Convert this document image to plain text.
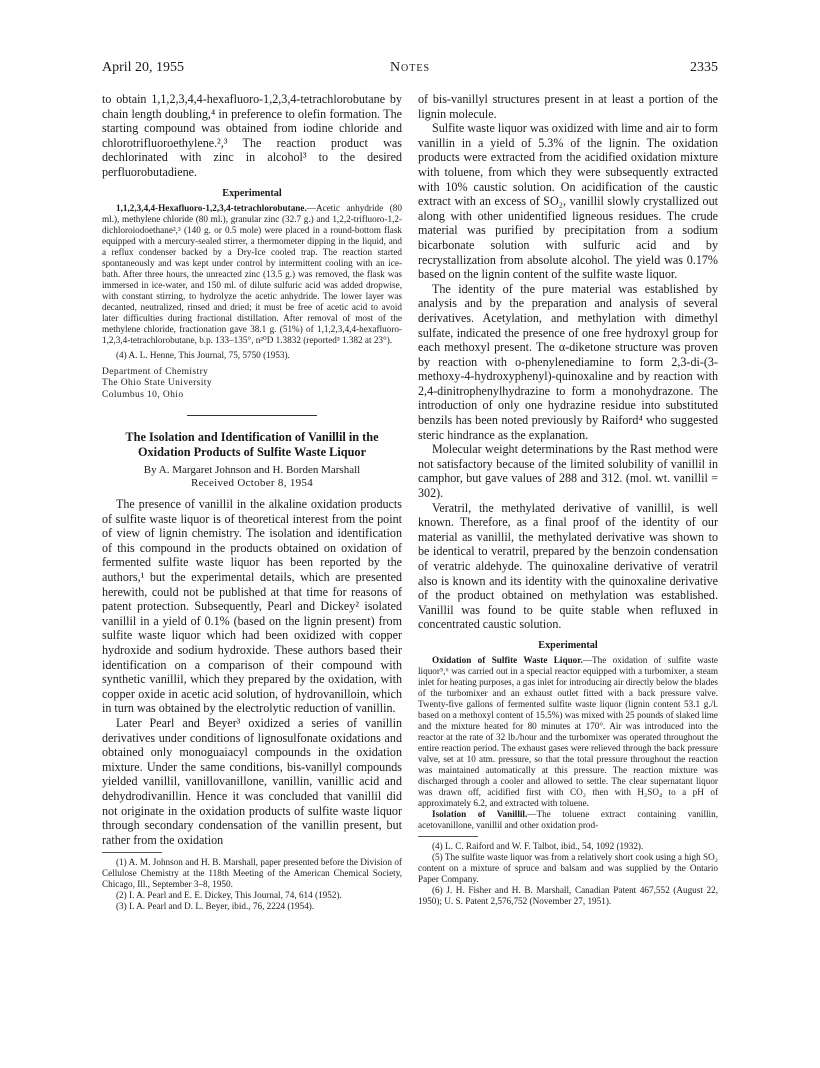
April 20, 1955	Notes	2335

to obtain 1,1,2,3,4,4-hexafluoro-1,2,3,4-tetrachlorobutane by chain length doubling,⁴ in preference to olefin formation. The starting compound was obtained from iodine chloride and chlorotrifluoroethylene.²,³ The reaction product was dechlorinated with zinc in alcohol³ to the desired perfluorobutadiene.

Experimental

1,1,2,3,4,4-Hexafluoro-1,2,3,4-tetrachlorobutane.—Acetic anhydride (80 ml.), methylene chloride (80 ml.), granular zinc (32.7 g.) and 1,2,2-trifluoro-1,2-dichloroiodoethane²,³ (140 g. or 0.5 mole) were placed in a round-bottom flask equipped with a mercury-sealed stirrer, a thermometer dipping in the liquid, and a reflux condenser backed by a Dry-Ice cooled trap. The reaction started spontaneously and was kept under control by intermittent cooling with an ice-bath. After three hours, the unreacted zinc (13.5 g.) was removed, the flask was immersed in ice-water, and 150 ml. of dilute sulfuric acid was added dropwise, with constant stirring, to hydrolyze the acetic anhydride. The lower layer was decanted, neutralized, rinsed and dried; it must be free of acetic acid to avoid later difficulties during fractional distillation. After removal of most of the methylene chloride, fractionation gave 38.1 g. (51%) of 1,1,2,3,4,4-hexafluoro-1,2,3,4-tetrachlorobutane, b.p. 133–135°, n²⁰D 1.3832 (reported³ 1.382 at 23°).

(4) A. L. Henne, This Journal, 75, 5750 (1953).

Department of Chemistry
The Ohio State University
Columbus 10, Ohio
The Isolation and Identification of Vanillil in the Oxidation Products of Sulfite Waste Liquor
By A. Margaret Johnson and H. Borden Marshall
Received October 8, 1954

The presence of vanillil in the alkaline oxidation products of sulfite waste liquor is of theoretical interest from the point of view of lignin chemistry. The isolation and identification of this compound in the products obtained on oxidation of fermented sulfite waste liquor has been reported by the authors,¹ but the experimental details, which are presented herewith, could not be published at that time for reasons of patent protection. Subsequently, Pearl and Dickey² isolated vanillil in a yield of 0.1% (based on the lignin present) from sulfite waste liquor which had been oxidized with copper hydroxide and sodium hydroxide. These authors based their identification on a comparison of their compound with synthetic vanillil, which they prepared by the oxidation, with copper oxide in acetic acid solution, of hydrovanilloin, which in turn was obtained by the electrolytic reduction of vanillin.

Later Pearl and Beyer³ oxidized a series of vanillin derivatives under conditions of lignosulfonate oxidations and obtained only monoguaiacyl compounds in the oxidation mixture. Under the same conditions, bis-vanillyl compounds yielded vanillil, vanillovanillone, vanillin, vanillic acid and dehydrodivanillin. Hence it was concluded that vanillil did not originate in the oxidation products of sulfite waste liquor through secondary condensation of the vanillin present, but rather from the oxidation

(1) A. M. Johnson and H. B. Marshall, paper presented before the Division of Cellulose Chemistry at the 118th Meeting of the American Chemical Society, Chicago, Ill., September 3–8, 1950.

(2) I. A. Pearl and E. E. Dickey, This Journal, 74, 614 (1952).

(3) I. A. Pearl and D. L. Beyer, ibid., 76, 2224 (1954).

of bis-vanillyl structures present in at least a portion of the lignin molecule.

Sulfite waste liquor was oxidized with lime and air to form vanillin in a yield of 5.3% of the lignin. The oxidation products were extracted from the acidified oxidation mixture with toluene, from which they were subsequently extracted with 10% caustic solution. On acidification of the caustic extract with an excess of SO₂, vanillil slowly crystallized out along with other unidentified ligneous residues. The crude material was purified by precipitation from a sodium bicarbonate solution with sulfuric acid and by recrystallization from absolute alcohol. The yield was 0.17% based on the lignin content of the sulfite waste liquor.

The identity of the pure material was established by analysis and by the preparation and analysis of several derivatives. Acetylation, and methylation with dimethyl sulfate, indicated the presence of one free hydroxyl group for each methoxyl present. The α-diketone structure was proven by reaction with o-phenylenediamine to form 2,3-di-(3-methoxy-4-hydroxyphenyl)-quinoxaline and by reaction with 2,4-dinitrophenylhydrazine to form a monohydrazone. The introduction of only one hydrazine residue into substituted benzils has been noted previously by Raiford⁴ who suggested steric hindrance as the explanation.

Molecular weight determinations by the Rast method were not satisfactory because of the limited solubility of vanillil in camphor, but gave values of 288 and 312. (mol. wt. vanillil = 302).

Veratril, the methylated derivative of vanillil, is well known. Therefore, as a final proof of the identity of our material as vanillil, the methylated derivative was shown to be identical to veratril, prepared by the benzoin condensation of veratric aldehyde. The quinoxaline derivative of veratril also is known and its identity with the quinoxaline derivative of the product obtained on methylation was established. Vanillil was found to be quite stable when refluxed in concentrated caustic solution.

Experimental

Oxidation of Sulfite Waste Liquor.—The oxidation of sulfite waste liquor⁵,⁶ was carried out in a special reactor equipped with a turbomixer, a steam inlet for heating purposes, a gas inlet for introducing air directly below the blades of the turbomixer and an exhaust outlet fitted with a back pressure valve. Twenty-five gallons of fermented sulfite waste liquor (lignin content 53.1 g./l. based on a methoxyl content of 15.5%) was mixed with 25 pounds of slaked lime and the mixture heated for 80 minutes at 170°. Air was introduced into the reactor at the rate of 32 lb./hour and the turbomixer was operated throughout the entire reaction period. The exhaust gases were relieved through the back pressure valve, set at 10 atm. pressure, so that the total pressure throughout the reaction was maintained automatically at this pressure. The reaction mixture was discharged through a cooler and allowed to settle. The clear supernatant liquor was drawn off, acidified first with CO₂ then with H₂SO₄ to a pH of approximately 6.2, and extracted with toluene.

Isolation of Vanillil.—The toluene extract containing vanillin, acetovanillone, vanillil and other oxidation prod-

(4) L. C. Raiford and W. F. Talbot, ibid., 54, 1092 (1932).

(5) The sulfite waste liquor was from a relatively short cook using a high SO₂ content on a mixture of spruce and balsam and was supplied by the Ontario Paper Company.

(6) J. H. Fisher and H. B. Marshall, Canadian Patent 467,552 (August 22, 1950); U. S. Patent 2,576,752 (November 27, 1951).
